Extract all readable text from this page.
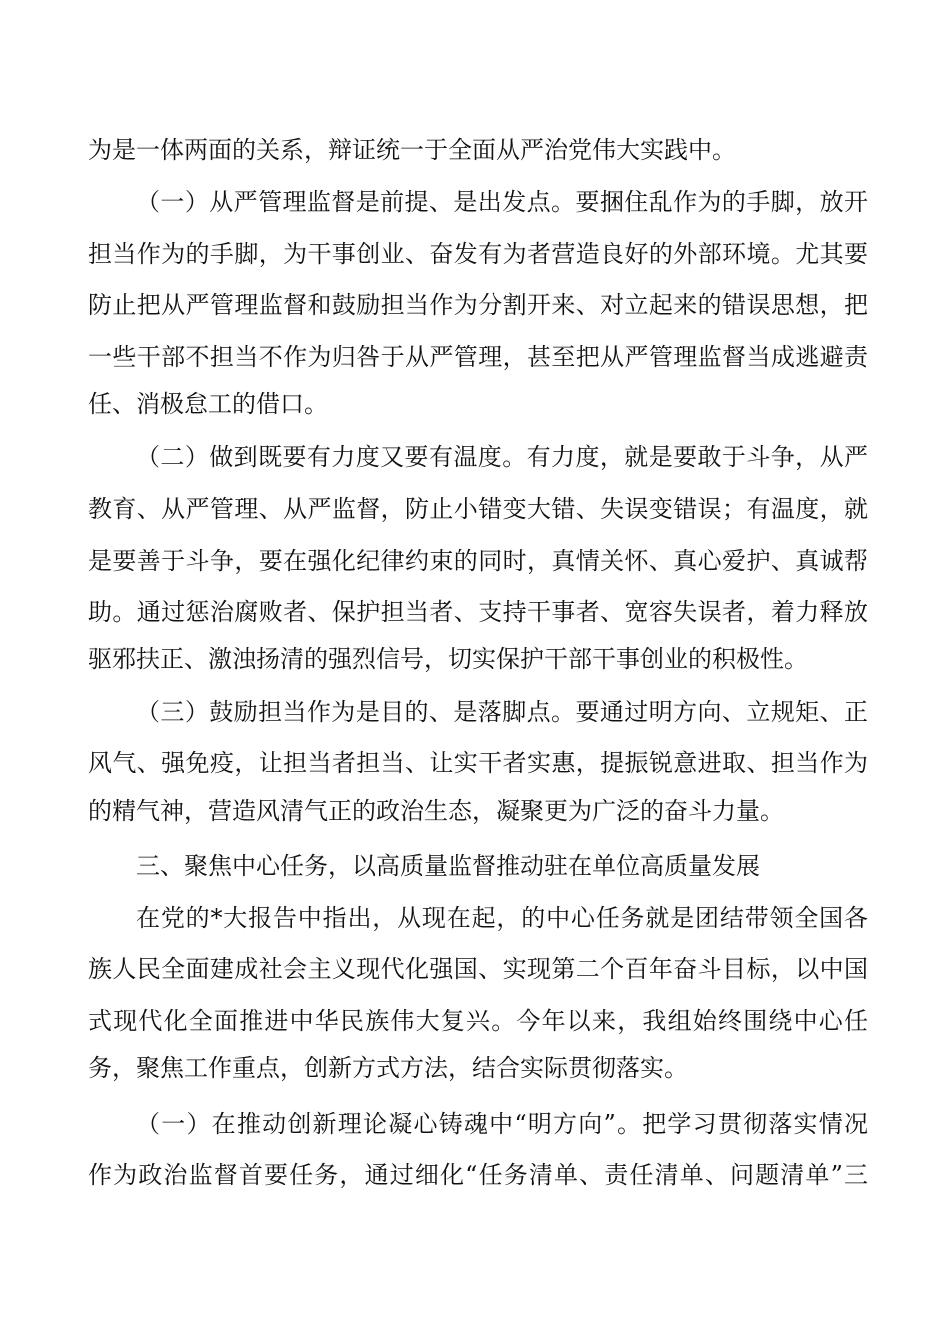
为是一体两面的关系，辩证统一于全面从严治党伟大实践中。
（一）从严管理监督是前提、是出发点。要捆住乱作为的手脚，放开
担当作为的手脚，为干事创业、奋发有为者营造良好的外部环境。尤其要
防止把从严管理监督和鼓励担当作为分割开来、对立起来的错误思想，把
一些干部不担当不作为归咎于从严管理，甚至把从严管理监督当成逃避责
任、消极怠工的借口。
（二）做到既要有力度又要有温度。有力度，就是要敢于斗争，从严
教育、从严管理、从严监督，防止小错变大错、失误变错误；有温度，就
是要善于斗争，要在强化纪律约束的同时，真情关怀、真心爱护、真诚帮
助。通过惩治腐败者、保护担当者、支持干事者、宽容失误者，着力释放
驱邪扶正、激浊扬清的强烈信号，切实保护干部干事创业的积极性。
（三）鼓励担当作为是目的、是落脚点。要通过明方向、立规矩、正
风气、强免疫，让担当者担当、让实干者实惠，提振锐意进取、担当作为
的精气神，营造风清气正的政治生态，凝聚更为广泛的奋斗力量。
三、聚焦中心任务，以高质量监督推动驻在单位高质量发展
在党的*大报告中指出，从现在起，的中心任务就是团结带领全国各
族人民全面建成社会主义现代化强国、实现第二个百年奋斗目标，以中国
式现代化全面推进中华民族伟大复兴。今年以来，我组始终围绕中心任
务，聚焦工作重点，创新方式方法，结合实际贯彻落实。
（一）在推动创新理论凝心铸魂中“明方向”。把学习贯彻落实情况
作为政治监督首要任务，通过细化“任务清单、责任清单、问题清单”三
